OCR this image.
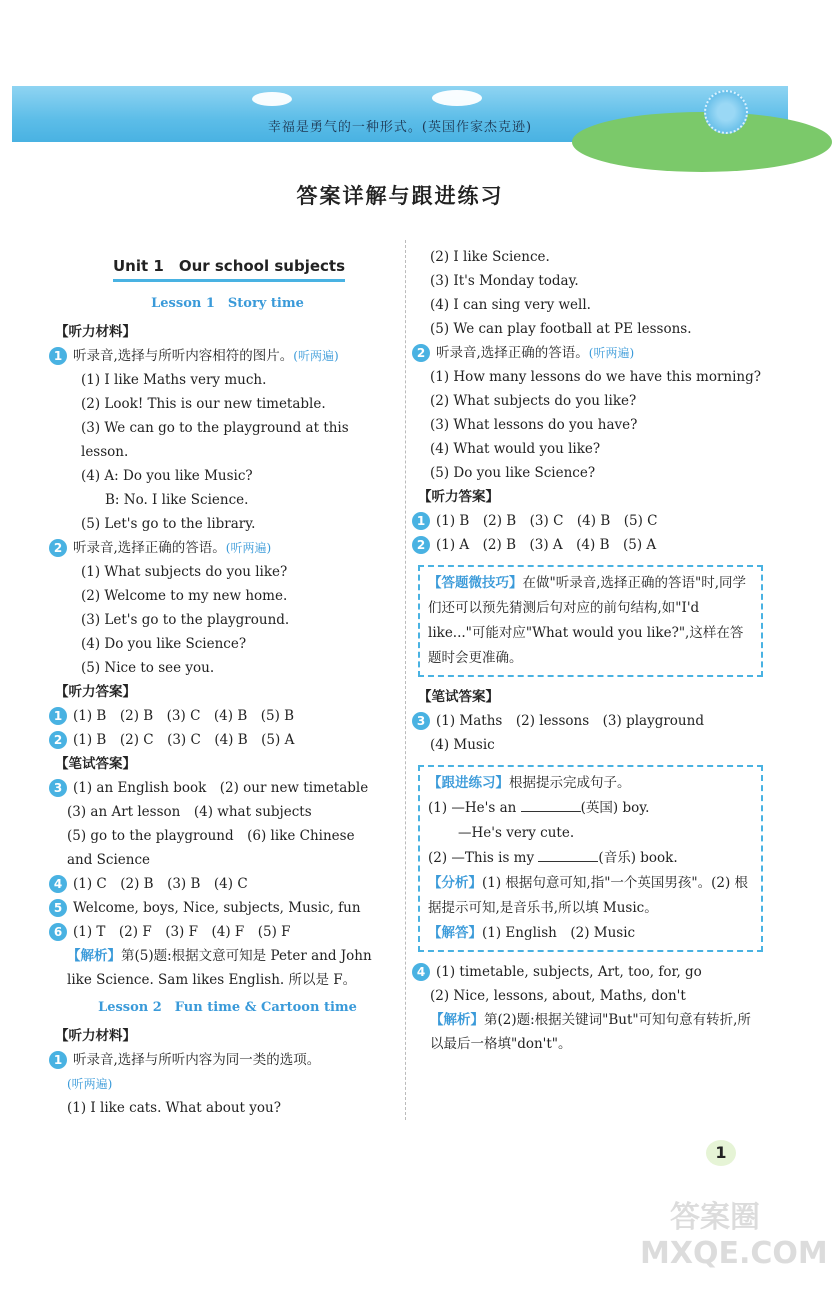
幸福是勇气的一种形式。(英国作家杰克逊)
答案详解与跟进练习
Unit 1　Our school subjects
Lesson 1　Story time
【听力材料】
1 听录音,选择与所听内容相符的图片。(听两遍)
(1) I like Maths very much.
(2) Look! This is our new timetable.
(3) We can go to the playground at this lesson.
(4) A: Do you like Music?
B: No. I like Science.
(5) Let's go to the library.
2 听录音,选择正确的答语。(听两遍)
(1) What subjects do you like?
(2) Welcome to my new home.
(3) Let's go to the playground.
(4) Do you like Science?
(5) Nice to see you.
【听力答案】
1 (1) B　(2) B　(3) C　(4) B　(5) B
2 (1) B　(2) C　(3) C　(4) B　(5) A
【笔试答案】
3 (1) an English book　(2) our new timetable
(3) an Art lesson　(4) what subjects
(5) go to the playground　(6) like Chinese
and Science
4 (1) C　(2) B　(3) B　(4) C
5 Welcome, boys, Nice, subjects, Music, fun
6 (1) T　(2) F　(3) F　(4) F　(5) F
【解析】第(5)题:根据文意可知是 Peter and John like Science. Sam likes English. 所以是 F。
Lesson 2　Fun time & Cartoon time
【听力材料】
1 听录音,选择与所听内容为同一类的选项。
(听两遍)
(1) I like cats. What about you?
(2) I like Science.
(3) It's Monday today.
(4) I can sing very well.
(5) We can play football at PE lessons.
2 听录音,选择正确的答语。(听两遍)
(1) How many lessons do we have this morning?
(2) What subjects do you like?
(3) What lessons do you have?
(4) What would you like?
(5) Do you like Science?
【听力答案】
1 (1) B　(2) B　(3) C　(4) B　(5) C
2 (1) A　(2) B　(3) A　(4) B　(5) A
【答题微技巧】在做"听录音,选择正确的答语"时,同学们还可以预先猜测后句对应的前句结构,如"I'd like..."可能对应"What would you like?",这样在答题时会更准确。
【笔试答案】
3 (1) Maths　(2) lessons　(3) playground
(4) Music
【跟进练习】根据提示完成句子。
(1) —He's an	(英国) boy.
—He's very cute.
(2) —This is my	(音乐) book.
【分析】(1) 根据句意可知,指"一个英国男孩"。(2) 根据提示可知,是音乐书,所以填 Music。
【解答】(1) English　(2) Music
4 (1) timetable, subjects, Art, too, for, go
(2) Nice, lessons, about, Maths, don't
【解析】第(2)题:根据关键词"But"可知句意有转折,所以最后一格填"don't"。
1
答案圈 MXQE.COM
